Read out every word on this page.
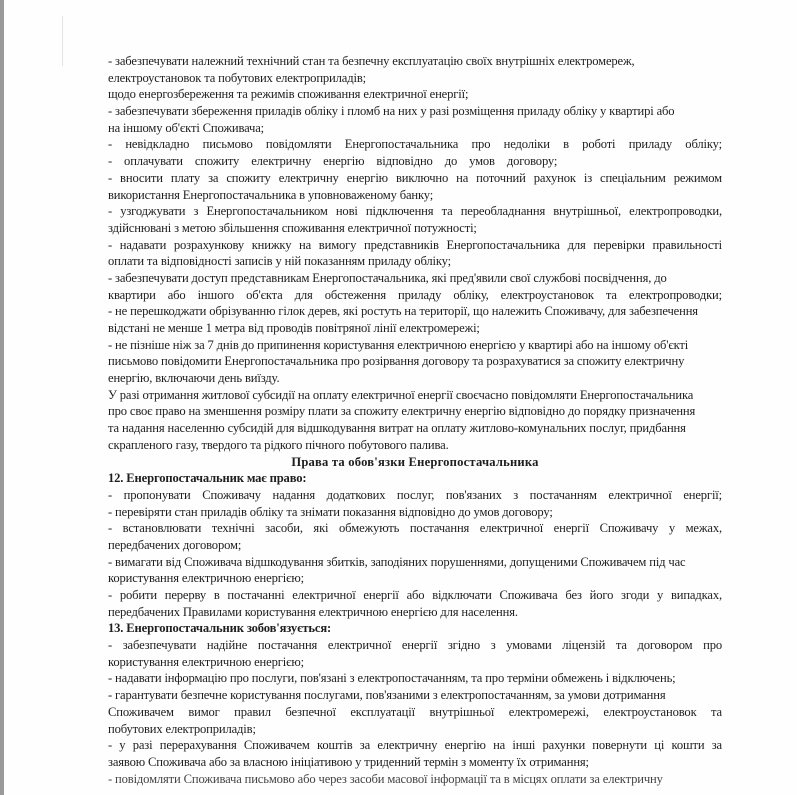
- забезпечувати належний технічний стан та безпечну експлуатацію своїх внутрішніх електромереж,
електроустановок та побутових електроприладів;
щодо енергозбереження та режимів споживання електричної енергії;
- забезпечувати збереження приладів обліку і пломб на них у разі розміщення приладу обліку у квартирі або
на іншому об'єкті Споживача;
- невідкладно письмово повідомляти Енергопостачальника про недоліки в роботі приладу обліку;
- оплачувати спожиту електричну енергію відповідно до умов договору;
- вносити плату за спожиту електричну енергію виключно на поточний рахунок із спеціальним режимом
використання Енергопостачальника в уповноваженому банку;
- узгоджувати з Енергопостачальником нові підключення та переобладнання внутрішньої, електропроводки,
здійснювані з метою збільшення споживання електричної потужності;
- надавати розрахункову книжку на вимогу представників Енергопостачальника для перевірки правильності
оплати та відповідності записів у ній показанням приладу обліку;
- забезпечувати доступ представникам Енергопостачальника, які пред'явили свої службові посвідчення, до
квартири або іншого об'єкта для обстеження приладу обліку, електроустановок та електропроводки;
- не перешкоджати обрізуванню гілок дерев, які ростуть на території, що належить Споживачу, для забезпечення
відстані не менше 1 метра від проводів повітряної лінії електромережі;
- не пізніше ніж за 7 днів до припинення користування електричною енергією у квартирі або на іншому об'єкті
письмово повідомити Енергопостачальника про розірвання договору та розрахуватися за спожиту електричну
енергію, включаючи день виїзду.
У разі отримання житлової субсидії на оплату електричної енергії своєчасно повідомляти Енергопостачальника
про своє право на зменшення розміру плати за спожиту електричну енергію відповідно до порядку призначення
та надання населенню субсидій для відшкодування витрат на оплату житлово-комунальних послуг, придбання
скрапленого газу, твердого та рідкого пічного побутового палива.
Права та обов'язки Енергопостачальника
12. Енергопостачальник має право:
- пропонувати Споживачу надання додаткових послуг, пов'язаних з постачанням електричної енергії;
- перевіряти стан приладів обліку та знімати показання відповідно до умов договору;
- встановлювати технічні засоби, які обмежують постачання електричної енергії Споживачу у межах,
передбачених договором;
- вимагати від Споживача відшкодування збитків, заподіяних порушеннями, допущеними Споживачем під час
користування електричною енергією;
- робити перерву в постачанні електричної енергії або відключати Споживача без його згоди у випадках,
передбачених Правилами користування електричною енергією для населення.
13. Енергопостачальник зобов'язується:
- забезпечувати надійне постачання електричної енергії згідно з умовами ліцензій та договором про
користування електричною енергією;
- надавати інформацію про послуги, пов'язані з електропостачанням, та про терміни обмежень і відключень;
- гарантувати безпечне користування послугами, пов'язаними з електропостачанням, за умови дотримання
Споживачем вимог правил безпечної експлуатації внутрішньої електромережі, електроустановок та
побутових електроприладів;
- у разі перерахування Споживачем коштів за електричну енергію на інші рахунки повернути ці кошти за
заявою Споживача або за власною ініціативою у триденний термін з моменту їх отримання;
- повідомляти Споживача письмово або через засоби масової інформації та в місцях оплати за електричну
